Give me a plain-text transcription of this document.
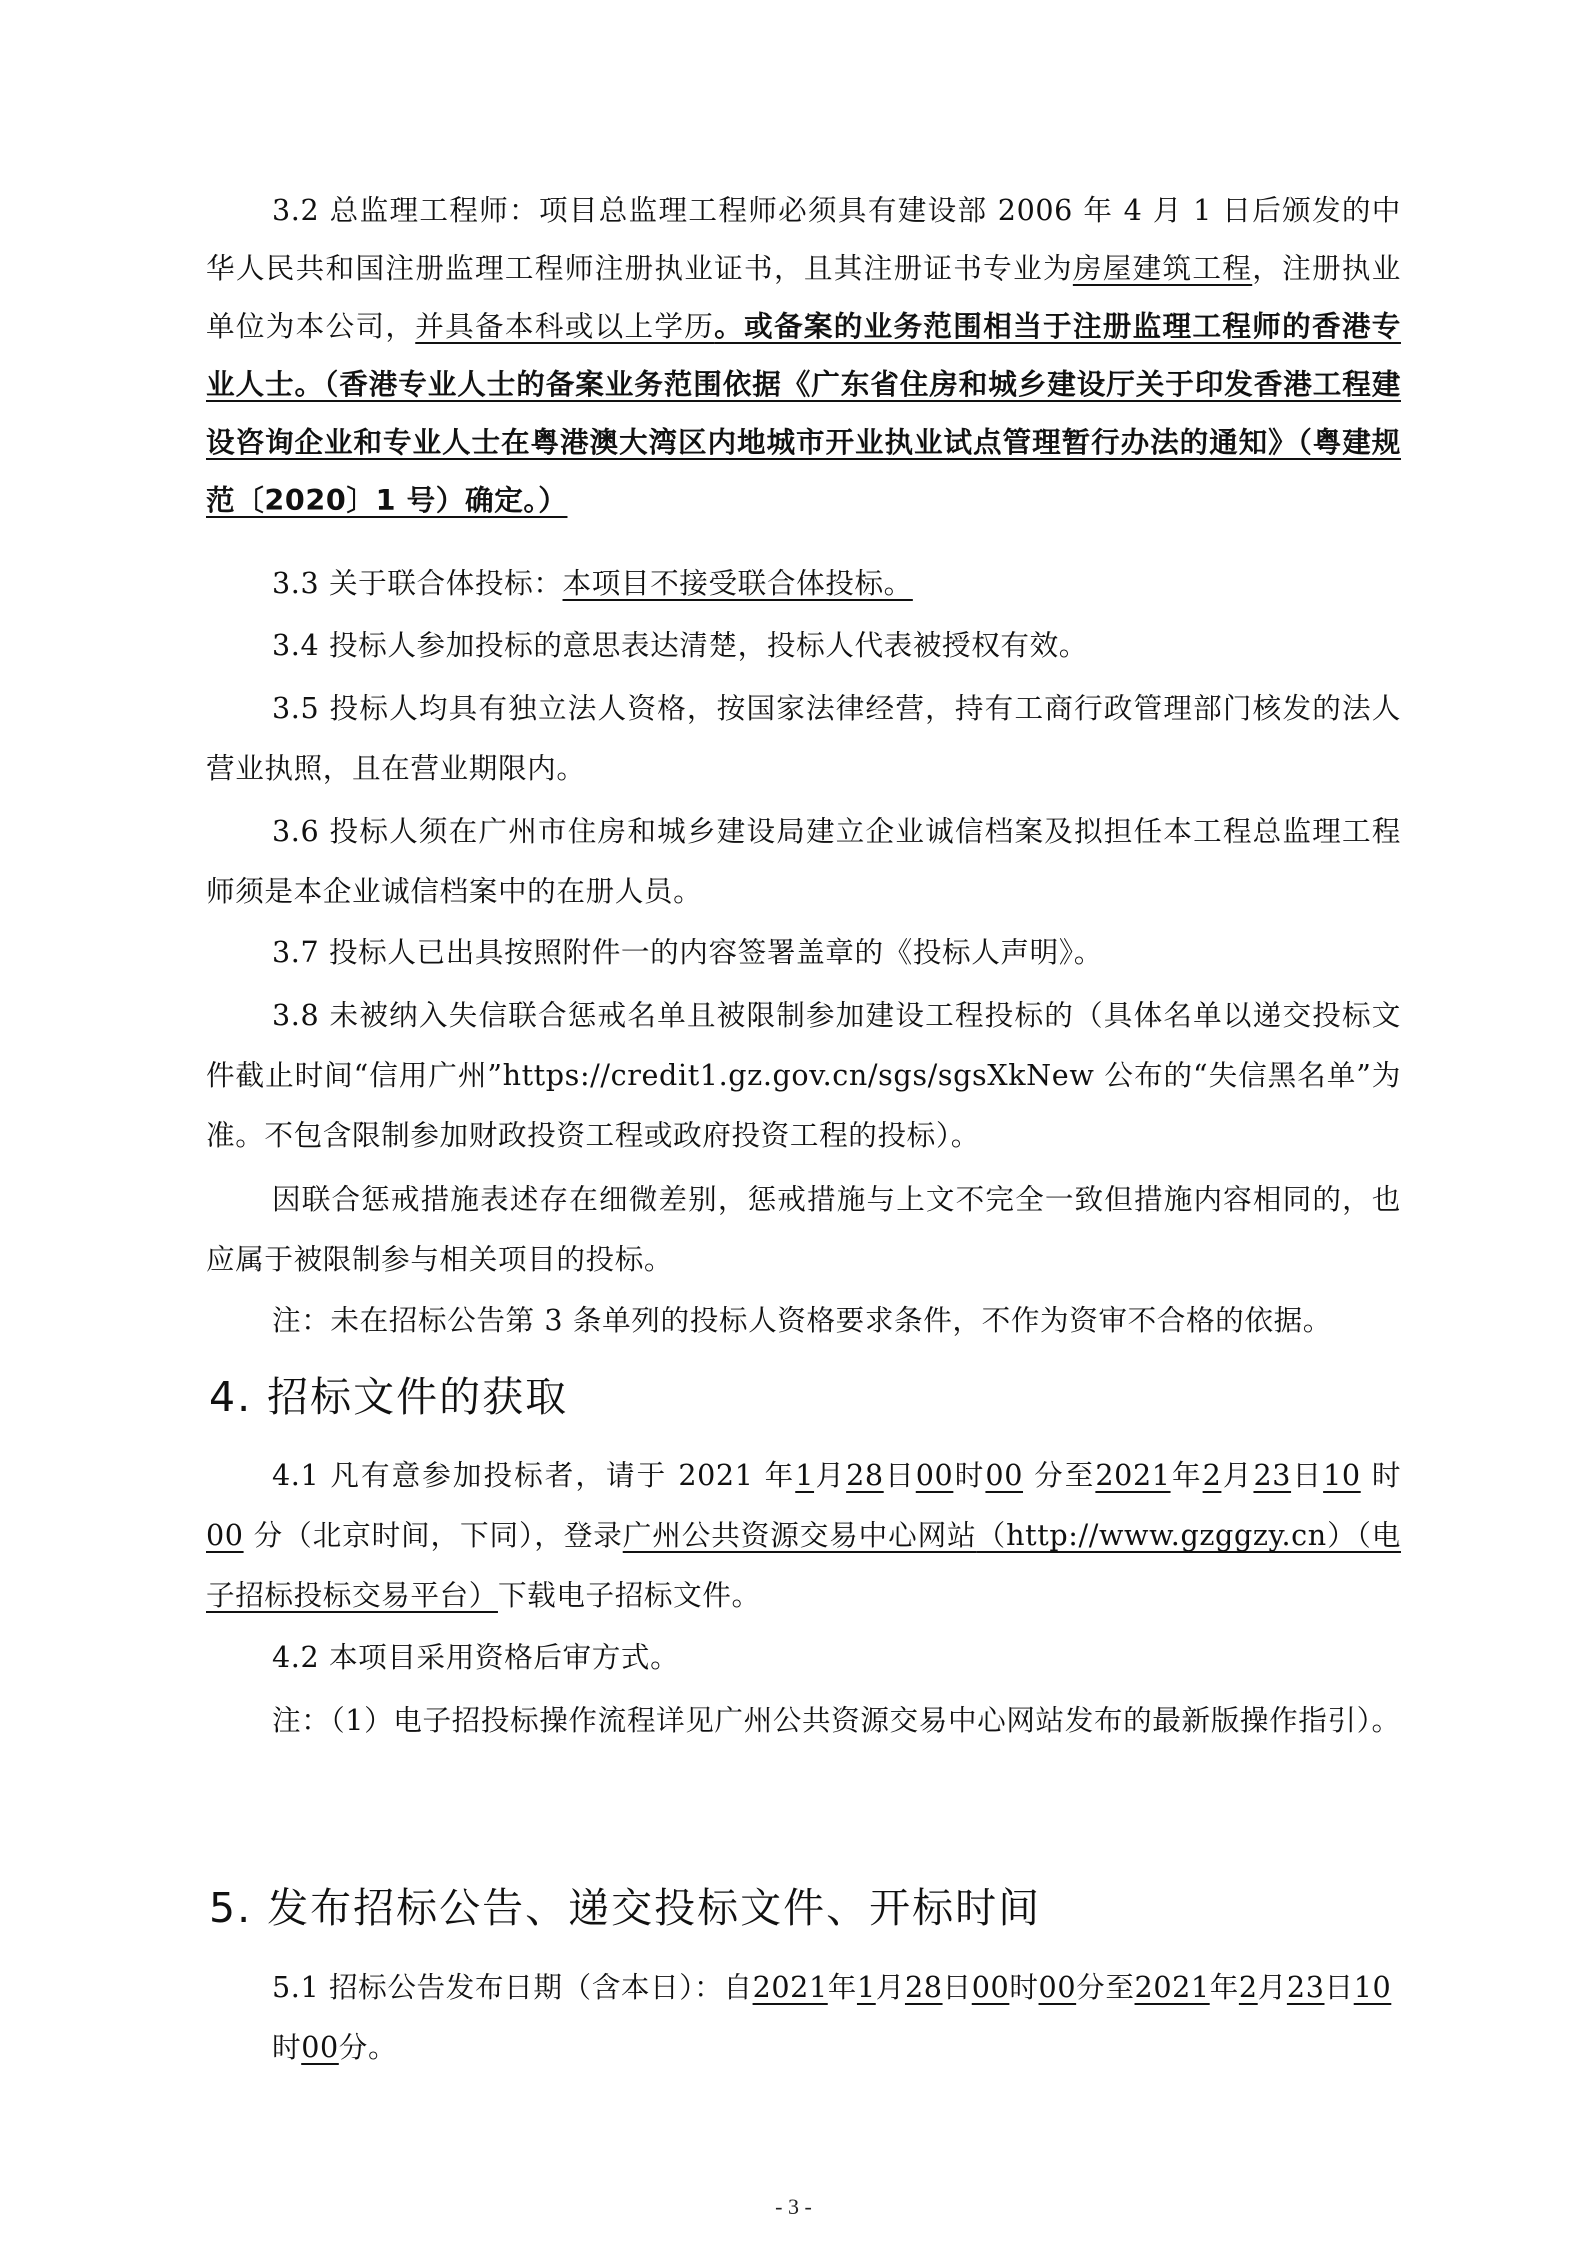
3.2 总监理工程师：项目总监理工程师必须具有建设部 2006 年 4 月 1 日后颁发的中华人民共和国注册监理工程师注册执业证书，且其注册证书专业为房屋建筑工程，注册执业单位为本公司，并具备本科或以上学历。或备案的业务范围相当于注册监理工程师的香港专业人士。（香港专业人士的备案业务范围依据《广东省住房和城乡建设厅关于印发香港工程建设咨询企业和专业人士在粤港澳大湾区内地城市开业执业试点管理暂行办法的通知》（粤建规范〔2020〕1 号）确定。）
3.3 关于联合体投标：本项目不接受联合体投标。
3.4 投标人参加投标的意思表达清楚，投标人代表被授权有效。
3.5 投标人均具有独立法人资格，按国家法律经营，持有工商行政管理部门核发的法人营业执照，且在营业期限内。
3.6 投标人须在广州市住房和城乡建设局建立企业诚信档案及拟担任本工程总监理工程师须是本企业诚信档案中的在册人员。
3.7 投标人已出具按照附件一的内容签署盖章的《投标人声明》。
3.8 未被纳入失信联合惩戒名单且被限制参加建设工程投标的（具体名单以递交投标文件截止时间“信用广州”https://credit1.gz.gov.cn/sgs/sgsXkNew 公布的“失信黑名单”为准。不包含限制参加财政投资工程或政府投资工程的投标）。
因联合惩戒措施表述存在细微差别，惩戒措施与上文不完全一致但措施内容相同的，也应属于被限制参与相关项目的投标。
注：未在招标公告第 3 条单列的投标人资格要求条件，不作为资审不合格的依据。
4. 招标文件的获取
4.1 凡有意参加投标者，请于 2021 年1月28日00时00 分至2021年2月23日10 时 00 分（北京时间，下同），登录广州公共资源交易中心网站（http://www.gzggzy.cn）（电子招标投标交易平台）下载电子招标文件。
4.2 本项目采用资格后审方式。
注：（1）电子招投标操作流程详见广州公共资源交易中心网站发布的最新版操作指引）。
5. 发布招标公告、递交投标文件、开标时间
5.1 招标公告发布日期（含本日）：自2021年1月28日00时00分至2021年2月23日10时00分。
- 3 -
